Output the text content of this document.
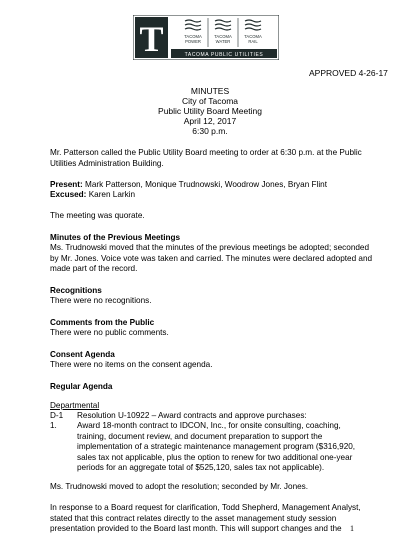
T	TACOMA
POWER
TACOMA
WATER
TACOMA
RAIL
TACOMA PUBLIC UTILITIES
APPROVED 4-26-17
MINUTES
City of Tacoma
Public Utility Board Meeting
April 12, 2017
6:30 p.m.
Mr. Patterson called the Public Utility Board meeting to order at 6:30 p.m. at the Public Utilities Administration Building.
Present: Mark Patterson, Monique Trudnowski, Woodrow Jones, Bryan Flint
Excused: Karen Larkin
The meeting was quorate.
Minutes of the Previous Meetings
Ms. Trudnowski moved that the minutes of the previous meetings be adopted; seconded by Mr. Jones. Voice vote was taken and carried. The minutes were declared adopted and made part of the record.
Recognitions
There were no recognitions.
Comments from the Public
There were no public comments.
Consent Agenda
There were no items on the consent agenda.
Regular Agenda
Departmental
D-1 Resolution U-10922 – Award contracts and approve purchases:
1. Award 18-month contract to IDCON, Inc., for onsite consulting, coaching, training, document review, and document preparation to support the implementation of a strategic maintenance management program ($316,920, sales tax not applicable, plus the option to renew for two additional one-year periods for an aggregate total of $525,120, sales tax not applicable).
Ms. Trudnowski moved to adopt the resolution; seconded by Mr. Jones.
In response to a Board request for clarification, Todd Shepherd, Management Analyst, stated that this contract relates directly to the asset management study session presentation provided to the Board last month. This will support changes and the	1
